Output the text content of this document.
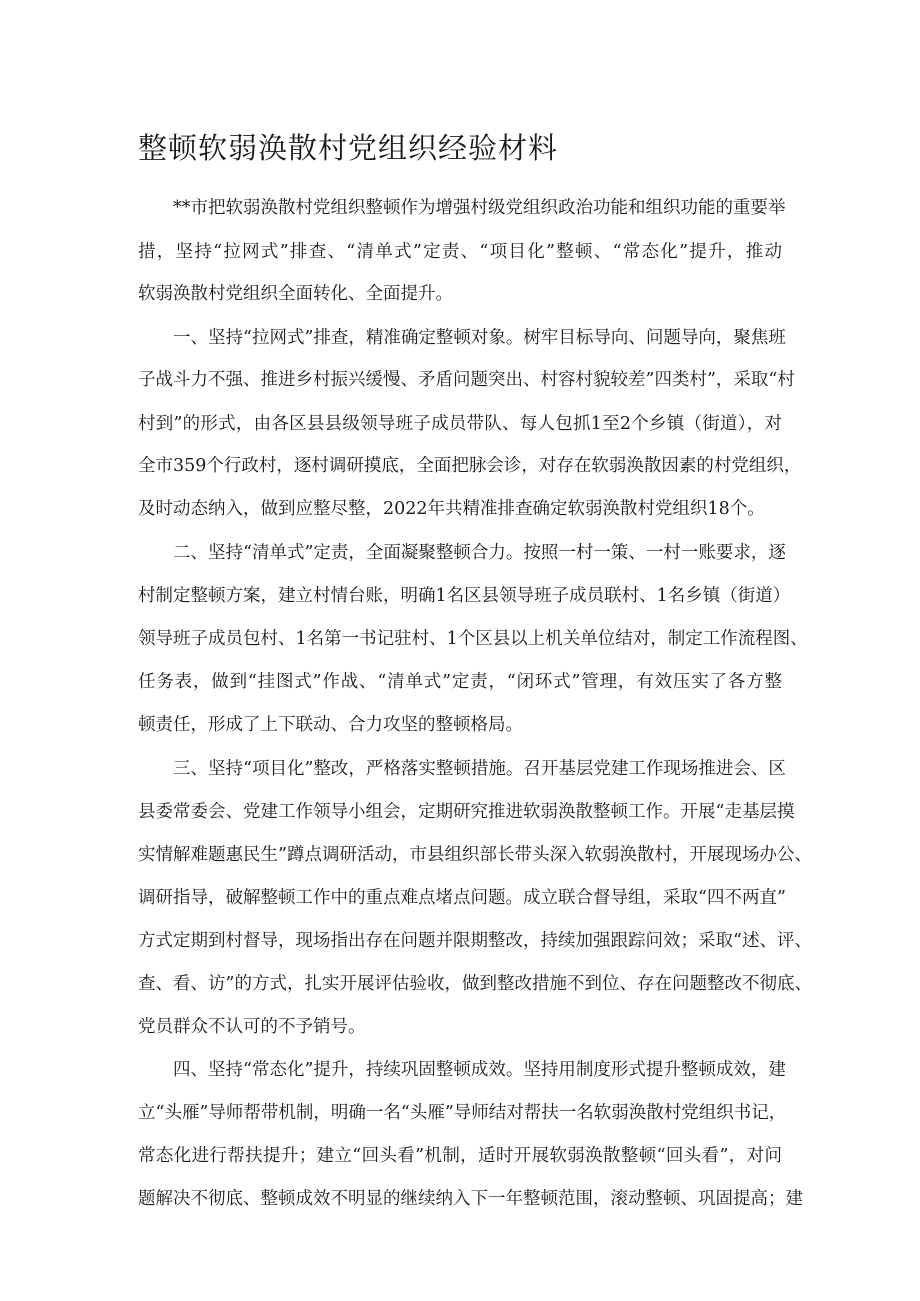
整顿软弱涣散村党组织经验材料
**市把软弱涣散村党组织整顿作为增强村级党组织政治功能和组织功能的重要举
措，坚持“拉网式”排查、“清单式”定责、“项目化”整顿、“常态化”提升，推动
软弱涣散村党组织全面转化、全面提升。
一、坚持“拉网式”排查，精准确定整顿对象。树牢目标导向、问题导向，聚焦班
子战斗力不强、推进乡村振兴缓慢、矛盾问题突出、村容村貌较差”四类村”，采取“村
村到”的形式，由各区县县级领导班子成员带队、每人包抓1至2个乡镇（街道），对
全市359个行政村，逐村调研摸底，全面把脉会诊，对存在软弱涣散因素的村党组织，
及时动态纳入，做到应整尽整，2022年共精准排查确定软弱涣散村党组织18个。
二、坚持“清单式”定责，全面凝聚整顿合力。按照一村一策、一村一账要求，逐
村制定整顿方案，建立村情台账，明确1名区县领导班子成员联村、1名乡镇（街道）
领导班子成员包村、1名第一书记驻村、1个区县以上机关单位结对，制定工作流程图、
任务表，做到“挂图式”作战、“清单式”定责，“闭环式”管理，有效压实了各方整
顿责任，形成了上下联动、合力攻坚的整顿格局。
三、坚持“项目化”整改，严格落实整顿措施。召开基层党建工作现场推进会、区
县委常委会、党建工作领导小组会，定期研究推进软弱涣散整顿工作。开展“走基层摸
实情解难题惠民生”蹲点调研活动，市县组织部长带头深入软弱涣散村，开展现场办公、
调研指导，破解整顿工作中的重点难点堵点问题。成立联合督导组，采取“四不两直”
方式定期到村督导，现场指出存在问题并限期整改，持续加强跟踪问效；采取“述、评、
查、看、访”的方式，扎实开展评估验收，做到整改措施不到位、存在问题整改不彻底、
党员群众不认可的不予销号。
四、坚持“常态化”提升，持续巩固整顿成效。坚持用制度形式提升整顿成效，建
立“头雁”导师帮带机制，明确一名“头雁”导师结对帮扶一名软弱涣散村党组织书记，
常态化进行帮扶提升；建立“回头看”机制，适时开展软弱涣散整顿“回头看”，对问
题解决不彻底、整顿成效不明显的继续纳入下一年整顿范围，滚动整顿、巩固提高；建
